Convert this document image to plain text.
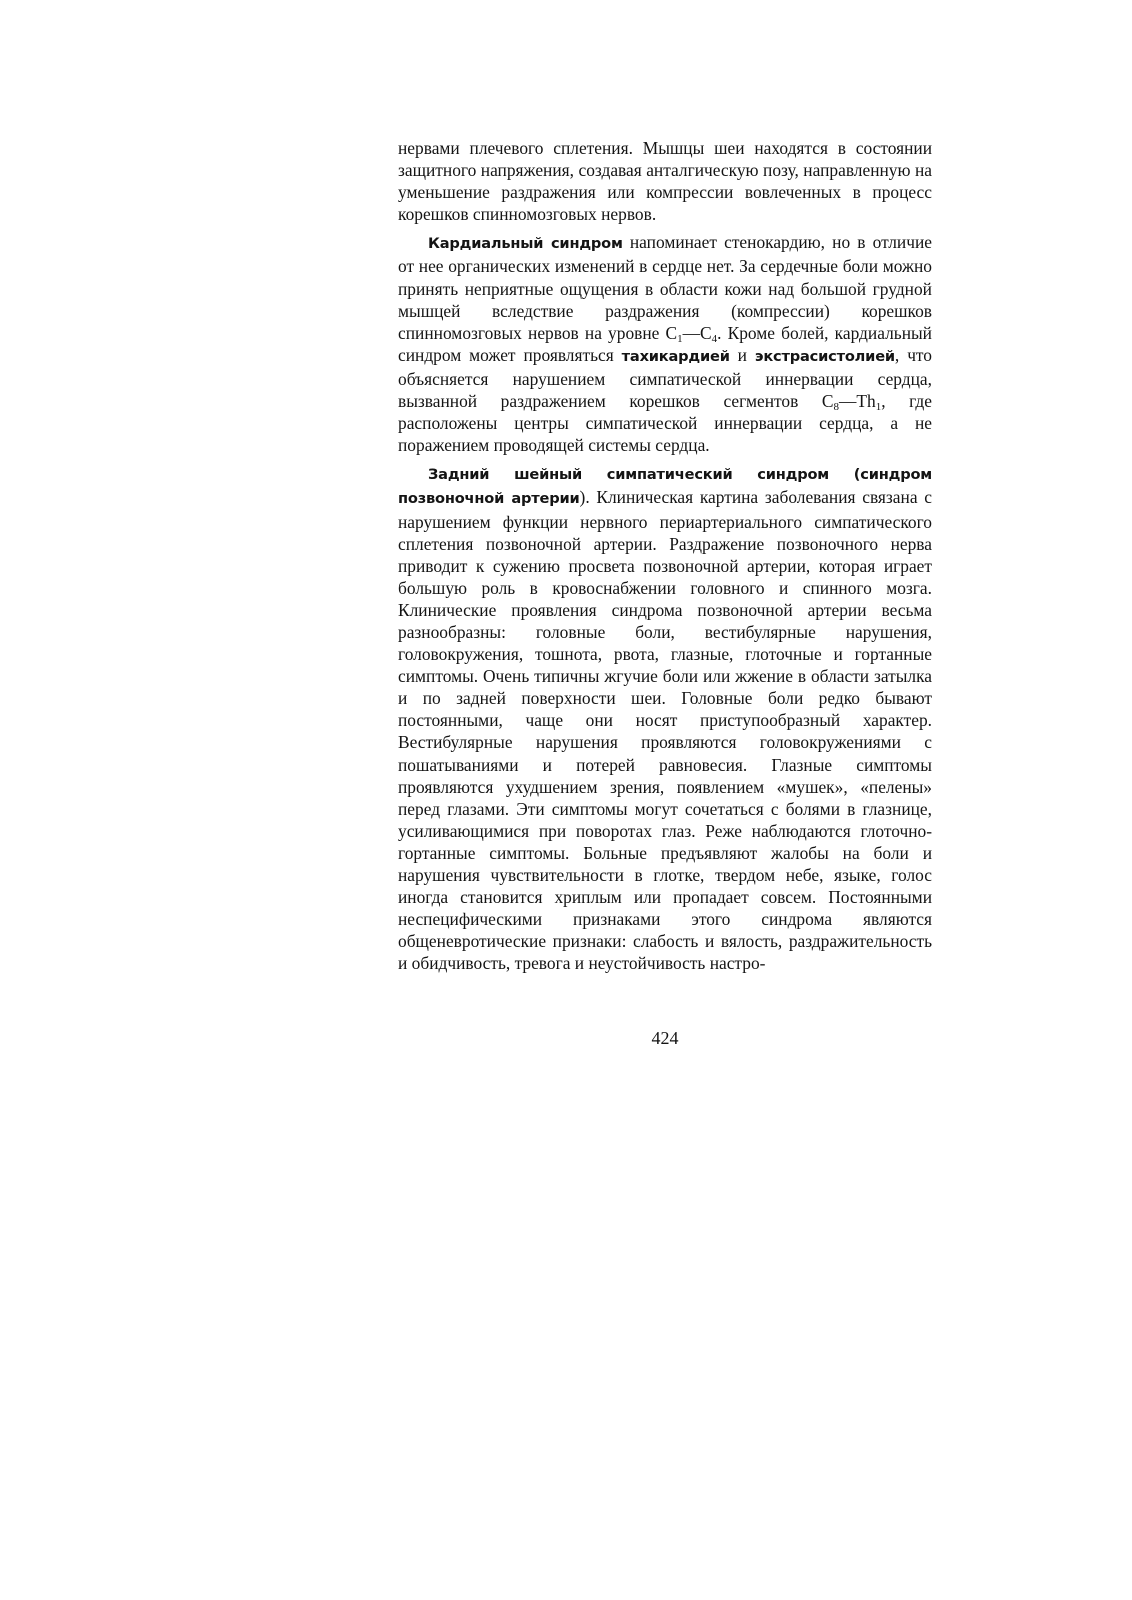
нервами плечевого сплетения. Мышцы шеи находятся в состоянии защитного напряжения, создавая анталгическую позу, направленную на уменьшение раздражения или компрессии вовлеченных в процесс корешков спинномозговых нервов.

Кардиальный синдром напоминает стенокардию, но в отличие от нее органических изменений в сердце нет. За сердечные боли можно принять неприятные ощущения в области кожи над большой грудной мышцей вследствие раздражения (компрессии) корешков спинномозговых нервов на уровне $С_1—С_4$. Кроме болей, кардиальный синдром может проявляться тахикардией и экстрасистолией, что объясняется нарушением симпатической иннервации сердца, вызванной раздражением корешков сегментов $С_8—Th_1$, где расположены центры симпатической иннервации сердца, а не поражением проводящей системы сердца.

Задний шейный симпатический синдром (синдром позвоночной артерии). Клиническая картина заболевания связана с нарушением функции нервного периартериального симпатического сплетения позвоночной артерии. Раздражение позвоночного нерва приводит к сужению просвета позвоночной артерии, которая играет большую роль в кровоснабжении головного и спинного мозга. Клинические проявления синдрома позвоночной артерии весьма разнообразны: головные боли, вестибулярные нарушения, головокружения, тошнота, рвота, глазные, глоточные и гортанные симптомы. Очень типичны жгучие боли или жжение в области затылка и по задней поверхности шеи. Головные боли редко бывают постоянными, чаще они носят приступообразный характер. Вестибулярные нарушения проявляются головокружениями с пошатываниями и потерей равновесия. Глазные симптомы проявляются ухудшением зрения, появлением «мушек», «пелены» перед глазами. Эти симптомы могут сочетаться с болями в глазнице, усиливающимися при поворотах глаз. Реже наблюдаются глоточно-гортанные симптомы. Больные предъявляют жалобы на боли и нарушения чувствительности в глотке, твердом небе, языке, голос иногда становится хриплым или пропадает совсем. Постоянными неспецифическими признаками этого синдрома являются общеневротические признаки: слабость и вялость, раздражительность и обидчивость, тревога и неустойчивость настро-

424
